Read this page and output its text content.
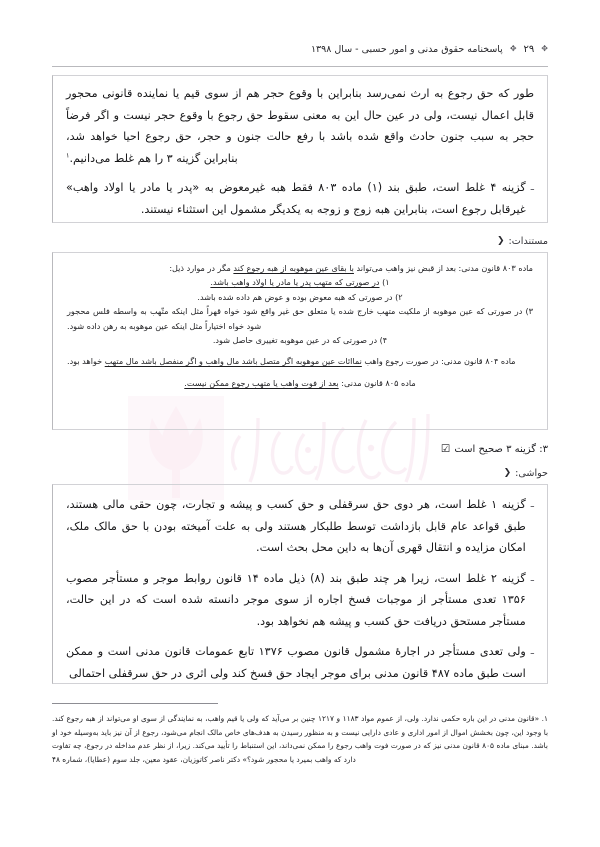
✥
۲۹
✥
پاسخنامه حقوق مدنی و امور حسبی - سال ۱۳۹۸

طور که حق رجوع به ارث نمی‌رسد بنابراین با وقوع حجر هم از سوی قیم یا نماینده قانونی محجور قابل اعمال نیست، ولی در عین حال این به معنی سقوط حق رجوع با وقوع حجر نیست و اگر فرضاً حجر به سبب جنون حادث واقع شده باشد با رفع حالت جنون و حجر، حق رجوع احیا خواهد شد، بنابراین گزینه ۳ را هم غلط می‌دانیم.$^۱$

ـ

گزینه ۴ غلط است، طبق بند (۱) ماده ۸۰۳ فقط هبه غیرمعوض به «پدر یا مادر یا اولاد واهب» غیرقابل رجوع است، بنابراین هبه زوج و زوجه به یکدیگر مشمول این استثناء نیستند.

مستندات:
❮

ماده ۸۰۳ قانون مدنی: بعد از قبض نیز واهب می‌تواند با بقای عین موهوبه از هبه رجوع کند مگر در موارد ذیل:

۱) در صورتی که متهب پدر یا مادر یا اولاد واهب باشد.

۲) در صورتی که هبه معوض بوده و عوض هم داده شده باشد.

۳) در صورتی که عین موهوبه از ملکیت متهب خارج شده یا متعلق حق غیر واقع شود خواه قهراً مثل اینکه متّهب به واسطه فلس محجور شود خواه اختیاراً مثل اینکه عین موهوبه به رهن داده شود.

۴) در صورتی که در عین موهوبه تغییری حاصل شود.

ماده ۸۰۴ قانون مدنی: در صورت رجوع واهب نماائات عین موهوبه اگر متصل باشد مال واهب و اگر منفصل باشد مال متهب خواهد بود.

ماده ۸۰۵ قانون مدنی: بعد از فوت واهب یا متهب رجوع ممکن نیست.

۳: گزینه ۳ صحیح است
☑
حواشی:
❮
ـ

گزینه ۱ غلط است، هر دوی حق سرقفلی و حق کسب و پیشه و تجارت، چون حقی مالی هستند، طبق قواعد عام قابل بازداشت توسط طلبکار هستند ولی به علت آمیخته بودن با حق مالک ملک، امکان مزایده و انتقال قهری آن‌ها به داین محل بحث است.

ـ

گزینه ۲ غلط است، زیرا هر چند طبق بند (۸) ذیل ماده ۱۴ قانون روابط موجر و مستأجر مصوب ۱۳۵۶ تعدی مستأجر از موجبات فسخ اجاره از سوی موجر دانسته شده است که در این حالت، مستأجر مستحق دریافت حق کسب و پیشه هم نخواهد بود.

ـ

ولی تعدی مستأجر در اجارهٔ مشمول قانون مصوب ۱۳۷۶ تابع عمومات قانون مدنی است و ممکن است طبق ماده ۴۸۷ قانون مدنی برای موجر ایجاد حق فسخ کند ولی اثری در حق سرقفلی احتمالی

۱. «قانون مدنی در این باره حکمی ندارد. ولی، از عموم مواد ۱۱۸۳ و ۱۲۱۷ چنین بر می‌آید که ولی یا قیم واهب، به نمایندگی از سوی او می‌تواند از هبه رجوع کند. با وجود این، چون بخشش اموال از امور اداری و عادی دارایی نیست و به منظور رسیدن به هدف‌های خاص مالک انجام می‌شود، رجوع از آن نیز باید به‌وسیله خود او باشد. مبنای ماده ۸۰۵ قانون مدنی نیز که در صورت فوت واهب رجوع را ممکن نمی‌داند، این استنباط را تأیید می‌کند. زیرا، از نظر عدم مداخله در رجوع، چه تفاوت دارد که واهب بمیرد یا محجور شود؟» دکتر ناصر کاتوزیان، عقود معین، جلد سوم (عطایا)، شماره ۴۸
